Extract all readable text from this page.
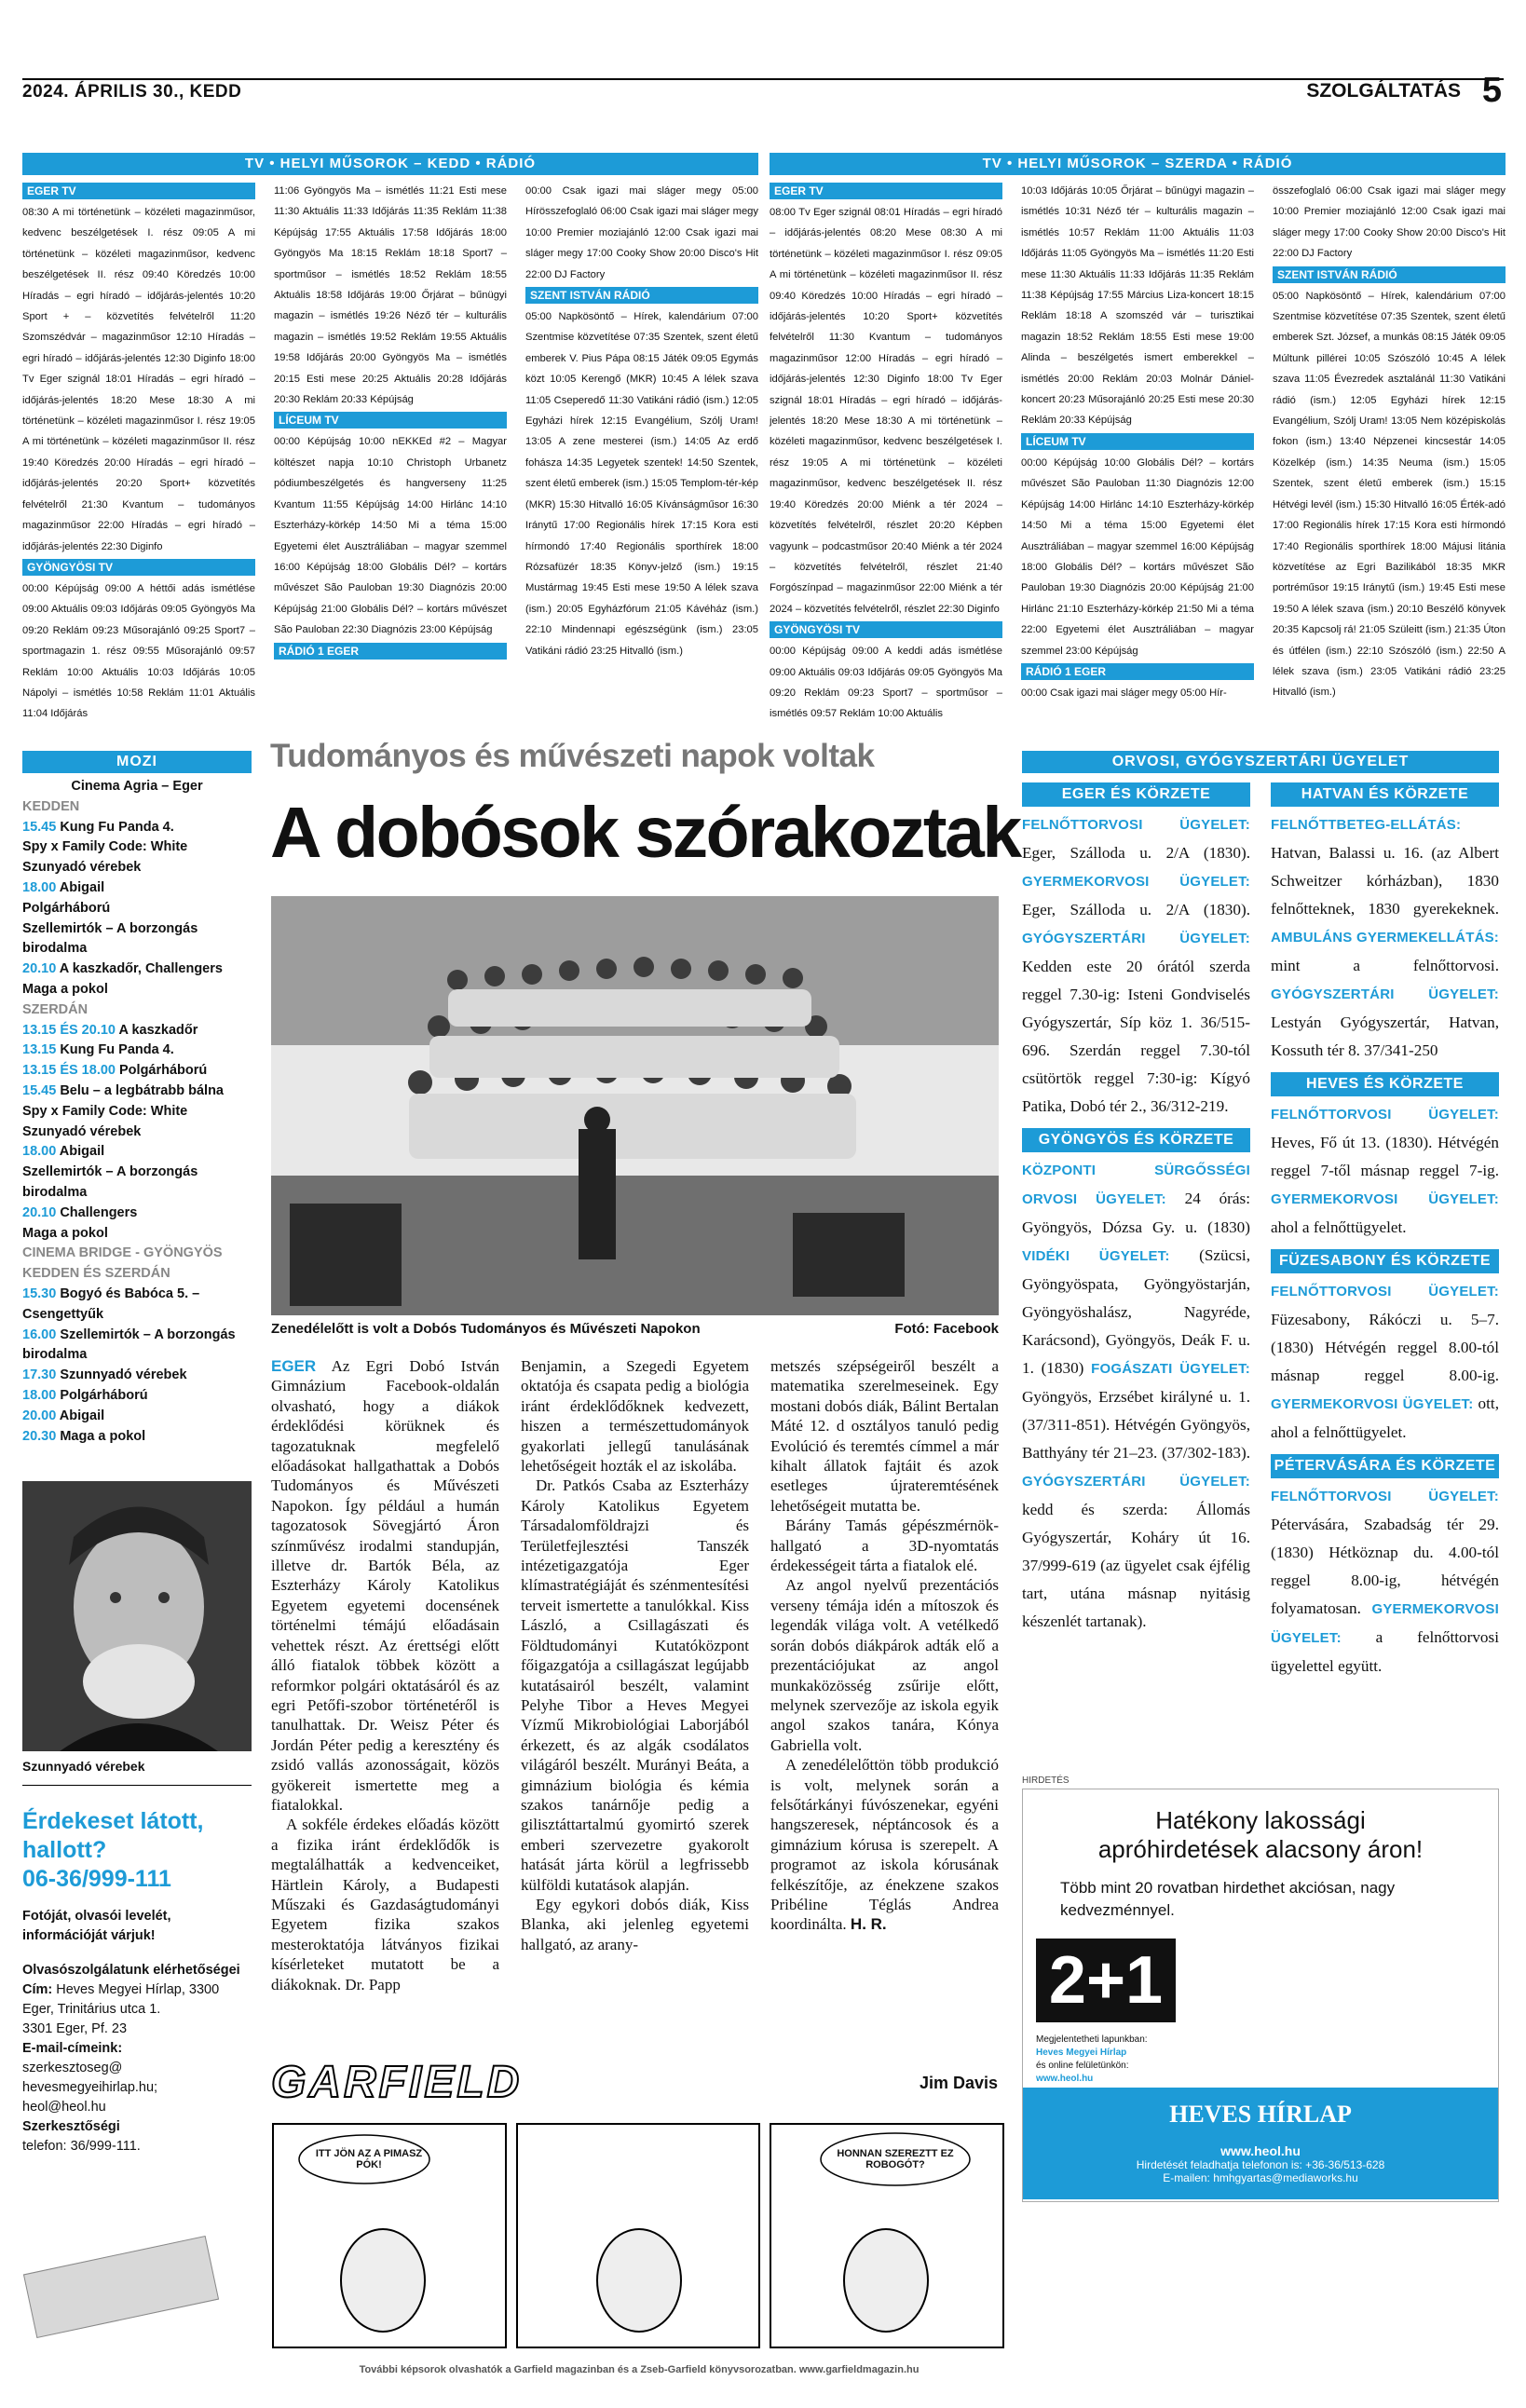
2024. ÁPRILIS 30., KEDD	SZOLGÁLTATÁS 5
TV • HELYI MŰSOROK – KEDD • RÁDIÓ
EGER TV
08:30 A mi történetünk – közéleti magazinműsor, kedvenc beszélgetések I. rész 09:05 A mi történetünk – közéleti magazinműsor, kedvenc beszélgetések II. rész 09:40 Köredzés 10:00 Híradás – egri híradó – időjárás-jelentés 10:20 Sport + – közvetítés felvételről 11:20 Szomszédvár – magazinműsor 12:10 Híradás – egri híradó – időjárás-jelentés 12:30 Diginfo 18:00 Tv Eger szignál 18:01 Híradás – egri híradó – időjárás-jelentés 18:20 Mese 18:30 A mi történetünk – közéleti magazinműsor I. rész 19:05 A mi történetünk – közéleti magazinműsor II. rész 19:40 Köredzés 20:00 Híradás – egri híradó – időjárás-jelentés 20:20 Sport+ közvetítés felvételről 21:30 Kvantum – tudományos magazinműsor 22:00 Híradás – egri híradó – időjárás-jelentés 22:30 Diginfo
GYÖNGYÖSI TV
00:00 Képújság 09:00 A héttői adás ismétlése 09:00 Aktuális 09:03 Időjárás 09:05 Gyöngyös Ma 09:20 Reklám 09:23 Műsorajánló 09:25 Sport7 – sportmagazin 1. rész 09:55 Műsorajánló 09:57 Reklám 10:00 Aktuális 10:03 Időjárás 10:05 Nápolyi – ismétlés 10:58 Reklám 11:01 Aktuális 11:04 Időjárás
11:06 Gyöngyös Ma – ismétlés 11:21 Esti mese 11:30 Aktuális 11:33 Időjárás 11:35 Reklám 11:38 Képújság 17:55 Aktuális 17:58 Időjárás 18:00 Gyöngyös Ma 18:15 Reklám 18:18 Sport7 – sportműsor – ismétlés 18:52 Reklám 18:55 Aktuális 18:58 Időjárás 19:00 Őrjárat – bűnügyi magazin – ismétlés 19:26 Néző tér – kulturális magazin – ismétlés 19:52 Reklám 19:55 Aktuális 19:58 Időjárás 20:00 Gyöngyös Ma – ismétlés 20:15 Esti mese 20:25 Aktuális 20:28 Időjárás 20:30 Reklám 20:33 Képújság
LÍCEUM TV
00:00 Képújság 10:00 nEKKEd #2 – Magyar költészet napja 10:10 Christoph Urbanetz pódiumbeszélgetés és hangverseny 11:25 Kvantum 11:55 Képújság 14:00 Hirlánc 14:10 Eszterházy-körkép 14:50 Mi a téma 15:00 Egyetemi élet Ausztráliában – magyar szemmel 16:00 Képújság 18:00 Globális Dél? – kortárs művészet São Pauloban 19:30 Diagnózis 20:00 Képújság 21:00 Globális Dél? – kortárs művészet São Pauloban 22:30 Diagnózis 23:00 Képújság
RÁDIÓ 1 EGER
00:00 Csak igazi mai sláger megy 05:00 Hírösszefoglaló 06:00 Csak igazi mai sláger megy 10:00 Premier moziajánló 12:00 Csak igazi mai sláger megy 17:00 Cooky Show 20:00 Disco's Hit 22:00 DJ Factory
SZENT ISTVÁN RÁDIÓ
05:00 Napkösöntő – Hírek, kalendárium 07:00 Szentmise közvetítése 07:35 Szentek, szent életű emberek V. Pius Pápa 08:15 Játék 09:05 Egymás közt 10:05 Kerengő (MKR) 10:45 A lélek szava 11:05 Cseperedő 11:30 Vatikáni rádió (ism.) 12:05 Egyházi hírek 12:15 Evangélium, Szólj Uram! 13:05 A zene mesterei (ism.) 14:05 Az erdő fohásza 14:35 Legyetek szentek! 14:50 Szentek, szent életű emberek (ism.) 15:05 Templom-tér-kép (MKR) 15:30 Hitvalló 16:05 Kívánságműsor 16:30 Iránytű 17:00 Regionális hírek 17:15 Kora esti hírmondó 17:40 Regionális sporthírek 18:00 Rózsafüzér 18:35 Könyv-jelző (ism.) 19:15 Mustármag 19:45 Esti mese 19:50 A lélek szava (ism.) 20:05 Egyházfórum 21:05 Kávéház (ism.) 22:10 Mindennapi egészségünk (ism.) 23:05 Vatikáni rádió 23:25 Hitvalló (ism.)
TV • HELYI MŰSOROK – SZERDA • RÁDIÓ
EGER TV
08:00 Tv Eger szignál 08:01 Híradás – egri híradó – időjárás-jelentés 08:20 Mese 08:30 A mi történetünk – közéleti magazinműsor I. rész 09:05 A mi történetünk – közéleti magazinműsor II. rész 09:40 Köredzés 10:00 Híradás – egri híradó – időjárás-jelentés 10:20 Sport+ közvetítés felvételről 11:30 Kvantum – tudományos magazinműsor 12:00 Híradás – egri híradó – időjárás-jelentés 12:30 Diginfo 18:00 Tv Eger szignál 18:01 Híradás – egri híradó – időjárás-jelentés 18:20 Mese 18:30 A mi történetünk – közéleti magazinműsor, kedvenc beszélgetések I. rész 19:05 A mi történetünk – közéleti magazinműsor, kedvenc beszélgetések II. rész 19:40 Köredzés 20:00 Miénk a tér 2024 – közvetítés felvételről, részlet 20:20 Képben vagyunk – podcastműsor 20:40 Miénk a tér 2024 – közvetítés felvételről, részlet 21:40 Forgószínpad – magazinműsor 22:00 Miénk a tér 2024 – közvetítés felvételről, részlet 22:30 Diginfo
GYÖNGYÖSI TV
00:00 Képújság 09:00 A keddi adás ismétlése 09:00 Aktuális 09:03 Időjárás 09:05 Gyöngyös Ma 09:20 Reklám 09:23 Sport7 – sportműsor – ismétlés 09:57 Reklám 10:00 Aktuális
10:03 Időjárás 10:05 Őrjárat – bűnügyi magazin – ismétlés 10:31 Néző tér – kulturális magazin – ismétlés 10:57 Reklám 11:00 Aktuális 11:03 Időjárás 11:05 Gyöngyös Ma – ismétlés 11:20 Esti mese 11:30 Aktuális 11:33 Időjárás 11:35 Reklám 11:38 Képújság 17:55 Március Liza-koncert 18:15 Reklám 18:18 A szomszéd vár – turisztikai magazin 18:52 Reklám 18:55 Esti mese 19:00 Alinda – beszélgetés ismert emberekkel – ismétlés 20:00 Reklám 20:03 Molnár Dániel-koncert 20:23 Műsorajánló 20:25 Esti mese 20:30 Reklám 20:33 Képújság
LÍCEUM TV
00:00 Képújság 10:00 Globális Dél? – kortárs művészet São Pauloban 11:30 Diagnózis 12:00 Képújság 14:00 Hirlánc 14:10 Eszterházy-körkép 14:50 Mi a téma 15:00 Egyetemi élet Ausztráliában – magyar szemmel 16:00 Képújság 18:00 Globális Dél? – kortárs művészet São Pauloban 19:30 Diagnózis 20:00 Képújság 21:00 Hirlánc 21:10 Eszterházy-körkép 21:50 Mi a téma 22:00 Egyetemi élet Ausztráliában – magyar szemmel 23:00 Képújság
RÁDIÓ 1 EGER
00:00 Csak igazi mai sláger megy 05:00 Hír-
összefoglaló 06:00 Csak igazi mai sláger megy 10:00 Premier moziajánló 12:00 Csak igazi mai sláger megy 17:00 Cooky Show 20:00 Disco's Hit 22:00 DJ Factory
SZENT ISTVÁN RÁDIÓ
05:00 Napkösöntő – Hírek, kalendárium 07:00 Szentmise közvetítése 07:35 Szentek, szent életű emberek Szt. József, a munkás 08:15 Játék 09:05 Múltunk pillérei 10:05 Szószóló 10:45 A lélek szava 11:05 Évezredek asztalánál 11:30 Vatikáni rádió (ism.) 12:05 Egyházi hírek 12:15 Evangélium, Szólj Uram! 13:05 Nem középiskolás fokon (ism.) 13:40 Népzenei kincsestár 14:05 Közelkép (ism.) 14:35 Neuma (ism.) 15:05 Szentek, szent életű emberek (ism.) 15:15 Hétvégi levél (ism.) 15:30 Hitvalló 16:05 Érték-adó 17:00 Regionális hírek 17:15 Kora esti hírmondó 17:40 Regionális sporthírek 18:00 Májusi litánia közvetítése az Egri Bazilikából 18:35 MKR portréműsor 19:15 Iránytű (ism.) 19:45 Esti mese 19:50 A lélek szava (ism.) 20:10 Beszélő könyvek 20:35 Kapcsolj rá! 21:05 Szüleitt (ism.) 21:35 Úton és útfélen (ism.) 22:10 Szószóló (ism.) 22:50 A lélek szava (ism.) 23:05 Vatikáni rádió 23:25 Hitvalló (ism.)
MOZI
Cinema Agria – Eger
KEDDEN
15.45 Kung Fu Panda 4.
Spy x Family Code: White
Szunyadó vérebek
18.00 Abigail
Polgárháború
Szellemirtók – A borzongás birodalma
20.10 A kaszkadőr, Challengers
Maga a pokol
SZERDÁN
13.15 ÉS 20.10 A kaszkadőr
13.15 Kung Fu Panda 4.
13.15 ÉS 18.00 Polgárháború
15.45 Belu – a legbátrabb bálna
Spy x Family Code: White
Szunyadó vérebek
18.00 Abigail
Szellemirtók – A borzongás birodalma
20.10 Challengers
Maga a pokol
CINEMA BRIDGE - GYÖNGYÖS
KEDDEN ÉS SZERDÁN
15.30 Bogyó és Babóca 5. – Csengettyűk
16.00 Szellemirtók – A borzongás birodalma
17.30 Szunnyadó vérebek
18.00 Polgárháború
20.00 Abigail
20.30 Maga a pokol
Szunnyadó vérebek
Érdekeset látott, hallott?
06-36/999-111
Fotóját, olvasói levelét, információját várjuk!
Olvasószolgálatunk elérhetőségei
Cím: Heves Megyei Hírlap, 3300 Eger, Trinitárius utca 1.
3301 Eger, Pf. 23
E-mail-címeink:
szerkesztoseg@
hevesmegyeihirlap.hu;
heol@heol.hu
Szerkesztőségi
telefon: 36/999-111.
Tudományos és művészeti napok voltak
A dobósok szórakoztak
Zenedélelőtt is volt a Dobós Tudományos és Művészeti Napokon	Fotó: Facebook

EGER Az Egri Dobó István Gimnázium Facebook-oldalán olvasható, hogy a diákok érdeklődési körüknek és tagozatuknak megfelelő előadásokat hallgathattak a Dobós Tudományos és Művészeti Napokon. Így például a humán tagozatosok Sövegjártó Áron színművész irodalmi standupján, illetve dr. Bartók Béla, az Eszterházy Károly Katolikus Egyetem egyetemi docensének történelmi témájú előadásain vehettek részt. Az érettségi előtt álló fiatalok többek között a reformkor polgári oktatásáról és az egri Petőfi-szobor történetéről is tanulhattak. Dr. Weisz Péter és Jordán Péter pedig a keresztény és zsidó vallás azonosságait, közös gyökereit ismertette meg a fiatalokkal.

A sokféle érdekes előadás között a fizika iránt érdeklődők is megtalálhatták a kedvenceiket, Härtlein Károly, a Budapesti Műszaki és Gazdaságtudományi Egyetem fizika szakos mesteroktatója látványos fizikai kísérleteket mutatott be a diákoknak. Dr. Papp

Benjamin, a Szegedi Egyetem oktatója és csapata pedig a biológia iránt érdeklődőknek kedvezett, hiszen a természettudományok gyakorlati jellegű tanulásának lehetőségeit hozták el az iskolába.

Dr. Patkós Csaba az Eszterházy Károly Katolikus Egyetem Társadalomföldrajzi és Területfejlesztési Tanszék intézetigazgatója Eger klímastratégiáját és szénmentesítési terveit ismertette a tanulókkal. Kiss László, a Csillagászati és Földtudományi Kutatóközpont főigazgatója a csillagászat legújabb kutatásairól beszélt, valamint Pelyhe Tibor a Heves Megyei Vízmű Mikrobiológiai Laborjából érkezett, és az algák csodálatos világáról beszélt. Murányi Beáta, a gimnázium biológia és kémia szakos tanárnője pedig a gilisztáttartalmú gyomirtó szerek emberi szervezetre gyakorolt hatását járta körül a legfrissebb külföldi kutatások alapján.

Egy egykori dobós diák, Kiss Blanka, aki jelenleg egyetemi hallgató, az arany-

metszés szépségeiről beszélt a matematika szerelmeseinek. Egy mostani dobós diák, Bálint Bertalan Máté 12. d osztályos tanuló pedig Evolúció és teremtés címmel a már kihalt állatok fajtáit és azok esetleges újrateremtésének lehetőségeit mutatta be.

Bárány Tamás gépészmérnök-hallgató a 3D-nyomtatás érdekességeit tárta a fiatalok elé.

Az angol nyelvű prezentációs verseny témája idén a mítoszok és legendák világa volt. A vetélkedő során dobós diákpárok adták elő a prezentációjukat az angol munkaközösség zsűrije előtt, melynek szervezője az iskola egyik angol szakos tanára, Kónya Gabriella volt.

A zenedélelőttön több produkció is volt, melynek során a felsőtárkányi fúvószenekar, egyéni hangszeresek, néptáncosok és a gimnázium kórusa is szerepelt. A programot az iskola kórusának felkészítője, az énekzene szakos Pribéline Téglás Andrea koordinálta. H. R.

GARFIELD	Jim Davis
ITT JÖN AZ A PIMASZ PÓK!
HONNAN SZEREZTT EZ ROBOGÓT?
További képsorok olvashatók a Garfield magazinban és a Zseb-Garfield könyvsorozatban. www.garfieldmagazin.hu
ORVOSI, GYÓGYSZERTÁRI ÜGYELET
EGER ÉS KÖRZETE
FELNŐTTORVOSI ÜGYELET: Eger, Szálloda u. 2/A (1830). GYERMEKORVOSI ÜGYELET: Eger, Szálloda u. 2/A (1830). GYÓGYSZERTÁRI ÜGYELET: Kedden este 20 órától szerda reggel 7.30-ig: Isteni Gondviselés Gyógyszertár, Síp köz 1. 36/515-696. Szerdán reggel 7.30-tól csütörtök reggel 7:30-ig: Kígyó Patika, Dobó tér 2., 36/312-219.
GYÖNGYÖS ÉS KÖRZETE
KÖZPONTI SÜRGŐSSÉGI ORVOSI ÜGYELET: 24 órás: Gyöngyös, Dózsa Gy. u. (1830) VIDÉKI ÜGYELET: (Szücsi, Gyöngyöspata, Gyöngyöstarján, Gyöngyöshalász, Nagyréde, Karácsond), Gyöngyös, Deák F. u. 1. (1830) FOGÁSZATI ÜGYELET: Gyöngyös, Erzsébet királyné u. 1. (37/311-851). Hétvégén Gyöngyös, Batthyány tér 21–23. (37/302-183). GYÓGYSZERTÁRI ÜGYELET: kedd és szerda: Állomás Gyógyszertár, Koháry út 16. 37/999-619 (az ügyelet csak éjfélig tart, utána másnap nyitásig készenlét tartanak).
HATVAN ÉS KÖRZETE
FELNŐTTBETEG-ELLÁTÁS: Hatvan, Balassi u. 16. (az Albert Schweitzer kórházban), 1830 felnőtteknek, 1830 gyerekeknek. AMBULÁNS GYERMEKELLÁTÁS: mint a felnőttorvosi. GYÓGYSZERTÁRI ÜGYELET: Lestyán Gyógyszertár, Hatvan, Kossuth tér 8. 37/341-250
HEVES ÉS KÖRZETE
FELNŐTTORVOSI ÜGYELET: Heves, Fő út 13. (1830). Hétvégén reggel 7-től másnap reggel 7-ig. GYERMEKORVOSI ÜGYELET: ahol a felnőttügyelet.
FÜZESABONY ÉS KÖRZETE
FELNŐTTORVOSI ÜGYELET: Füzesabony, Rákóczi u. 5–7. (1830) Hétvégén reggel 8.00-tól másnap reggel 8.00-ig. GYERMEKORVOSI ÜGYELET: ott, ahol a felnőttügyelet.
PÉTERVÁSÁRA ÉS KÖRZETE
FELNŐTTORVOSI ÜGYELET: Pétervására, Szabadság tér 29. (1830) Hétköznap du. 4.00-tól reggel 8.00-ig, hétvégén folyamatosan. GYERMEKORVOSI ÜGYELET: a felnőttorvosi ügyelettel együtt.
HIRDETÉS
Hatékony lakossági apróhirdetések alacsony áron!
Több mint 20 rovatban hirdethet akciósan, nagy kedvezménnyel.
2+1
Megjelentetheti lapunkban:
Heves Megyei Hírlap
és online felületünkön:
www.heol.hu
HEVES HÍRLAP
www.heol.hu
Hirdetését feladhatja telefonon is: +36-36/513-628
E-mailen: hmhgyartas@mediaworks.hu
